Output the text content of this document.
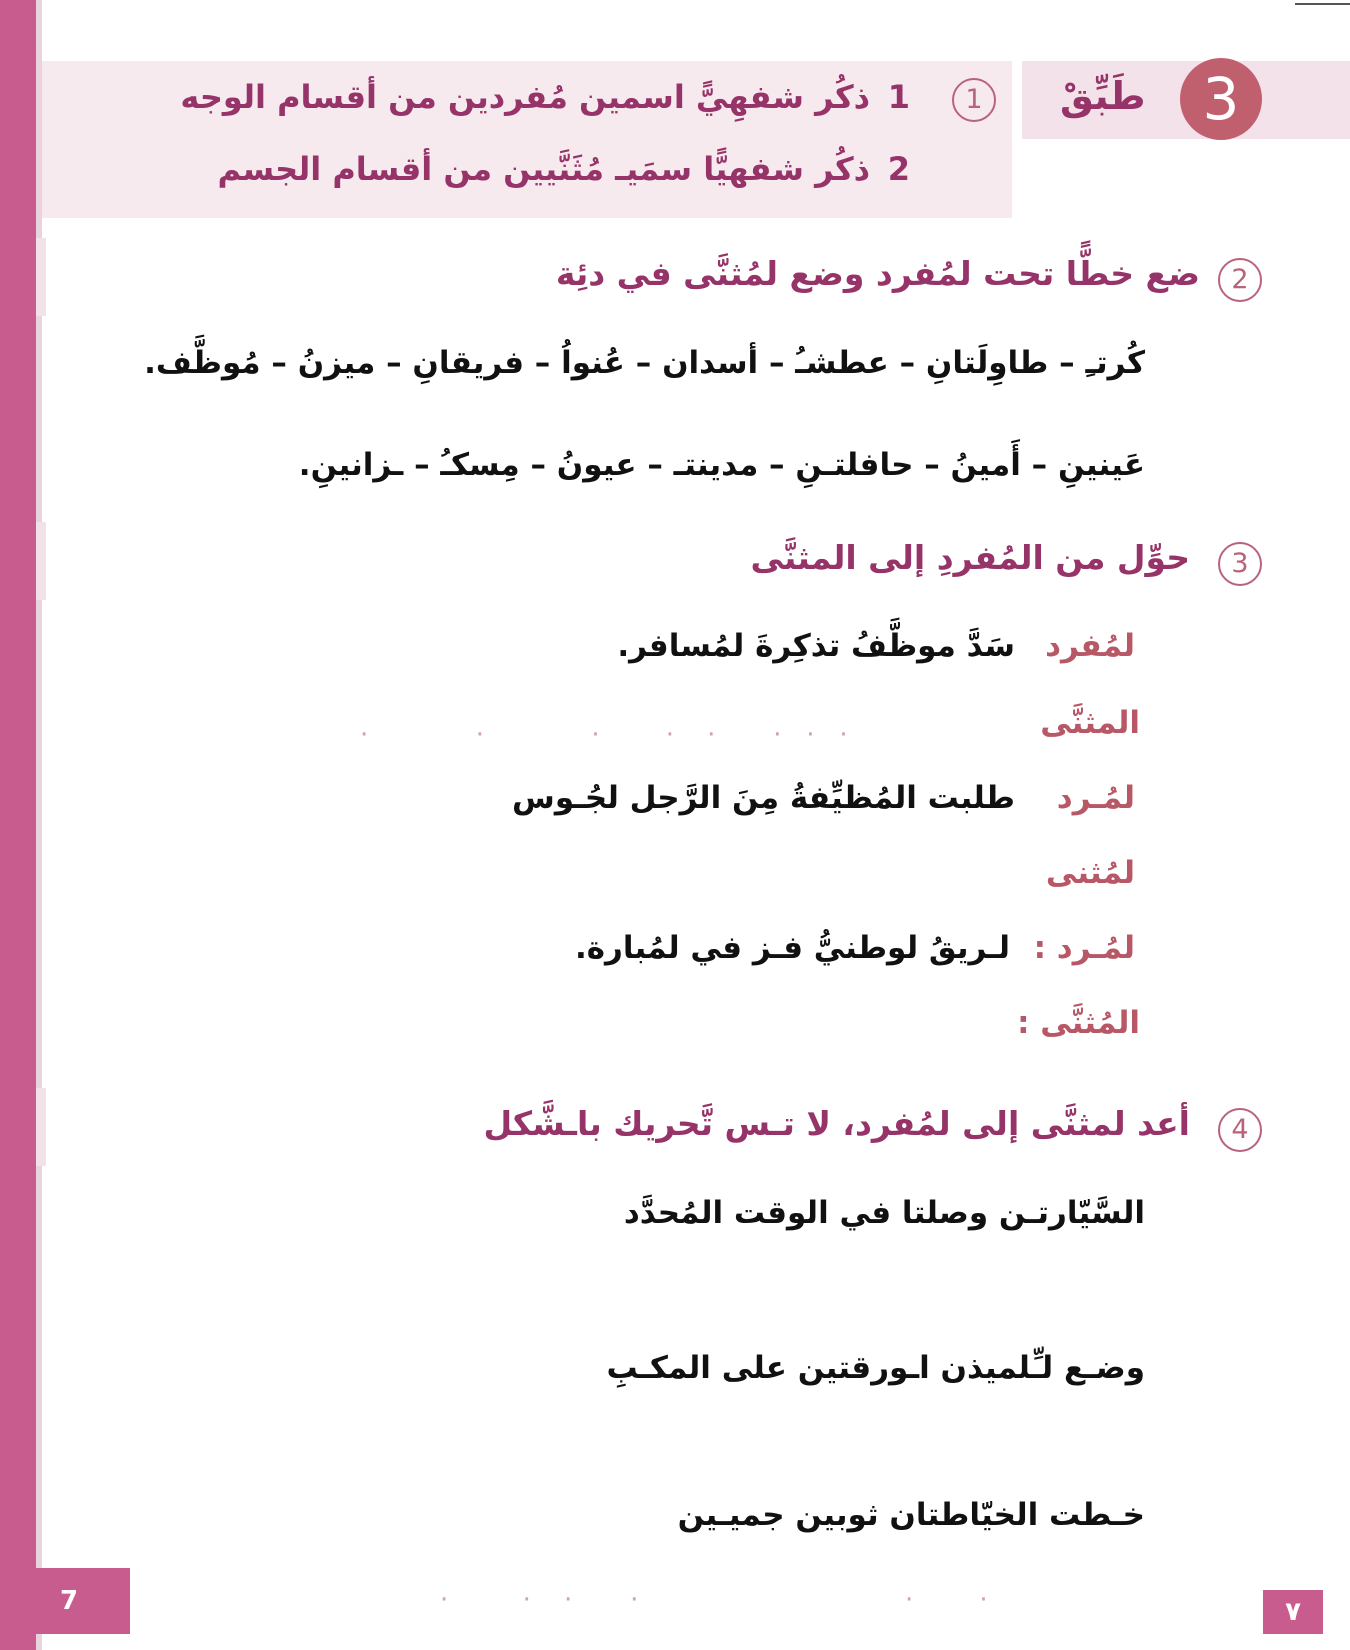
3
طَبِّقْ
1
1
ذكُر شفهِيًّ اسمين مُفردين من أقسام الوجه
2
ذكُر شفهيًّا سمَيـ مُثَنَّيين من أقسام الجسم
2
ضع خطًّا تحت لمُفرد وضع لمُثنَّى في دئِة
كُرتـِ – طاوِلَتانِ – عطشـُ – أسدان – عُنواُ – فريقانِ – ميزنُ – مُوظَّف.
عَينينِ – أَمينُ – حافلتـنِ – مدينتـ – عيونُ – مِسكـُ – ـزانينِ.
3
حوِّل من المُفردِ إلى المثنَّى
لمُفرد
سَدَّ موظَّفُ تذكِرةَ لمُسافر.
المثنَّى
·             ·             ·        ·    ·       ·   ·   ·
لمُـرد
طلبت المُظيِّفةُ مِنَ الرَّجل لجُـوس
لمُثنى
لمُـرد :
لـريقُ لوطنيُّ فـز في لمُبارة.
المُثنَّى :
4
أعد لمثنَّى إلى لمُفرد، لا تـس تَّحريك باـشَّكل
السَّيّارتـن وصلتا في الوقت المُحدَّد
وضـع لـِّلميذن اـورقتين على المكـبِ
خـطت الخيّاطتان ثوبين جميـين
·         ·    ·       ·	·        ·
7	٧
